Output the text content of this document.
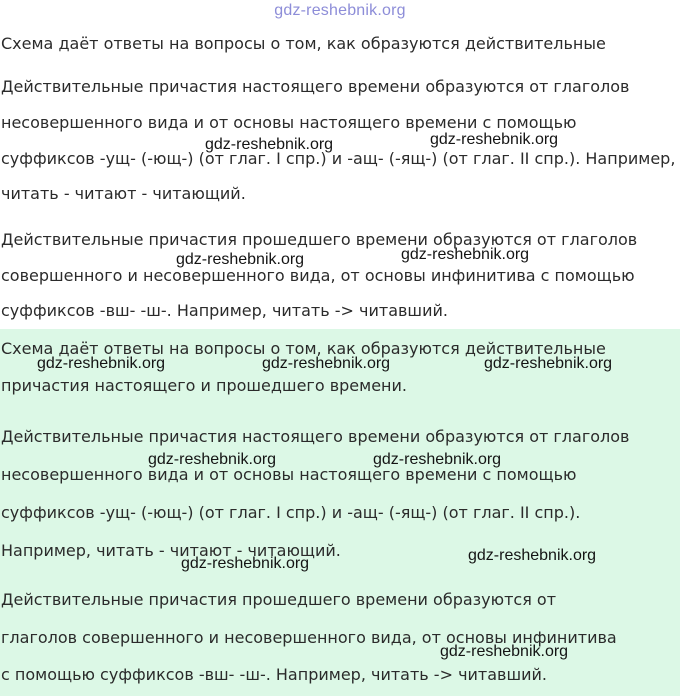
gdz-reshebnik.org
Схема даёт ответы на вопросы о том, как образуются действительные
Действительные причастия настоящего времени образуются от глаголов
несовершенного вида и от основы настоящего времени с помощью
суффиксов -ущ- (-ющ-) (от глаг. I спр.) и -ащ- (-ящ-) (от глаг. II спр.). Например,
читать - читают - читающий.
Действительные причастия прошедшего времени образуются от глаголов
совершенного и несовершенного вида, от основы инфинитива с помощью
суффиксов -вш- -ш-. Например, читать -> читавший.
Схема даёт ответы на вопросы о том, как образуются действительные
причастия настоящего и прошедшего времени.
Действительные причастия настоящего времени образуются от глаголов
несовершенного вида и от основы настоящего времени с помощью
суффиксов -ущ- (-ющ-) (от глаг. I спр.) и -ащ- (-ящ-) (от глаг. II спр.).
Например, читать - читают - читающий.
Действительные причастия прошедшего времени образуются от
глаголов совершенного и несовершенного вида, от основы инфинитива
с помощью суффиксов -вш- -ш-. Например, читать -> читавший.
gdz-reshebnik.org	gdz-reshebnik.org
gdz-reshebnik.org	gdz-reshebnik.org
gdz-reshebnik.org	gdz-reshebnik.org	gdz-reshebnik.org
gdz-reshebnik.org	gdz-reshebnik.org
gdz-reshebnik.org	gdz-reshebnik.org
gdz-reshebnik.org
